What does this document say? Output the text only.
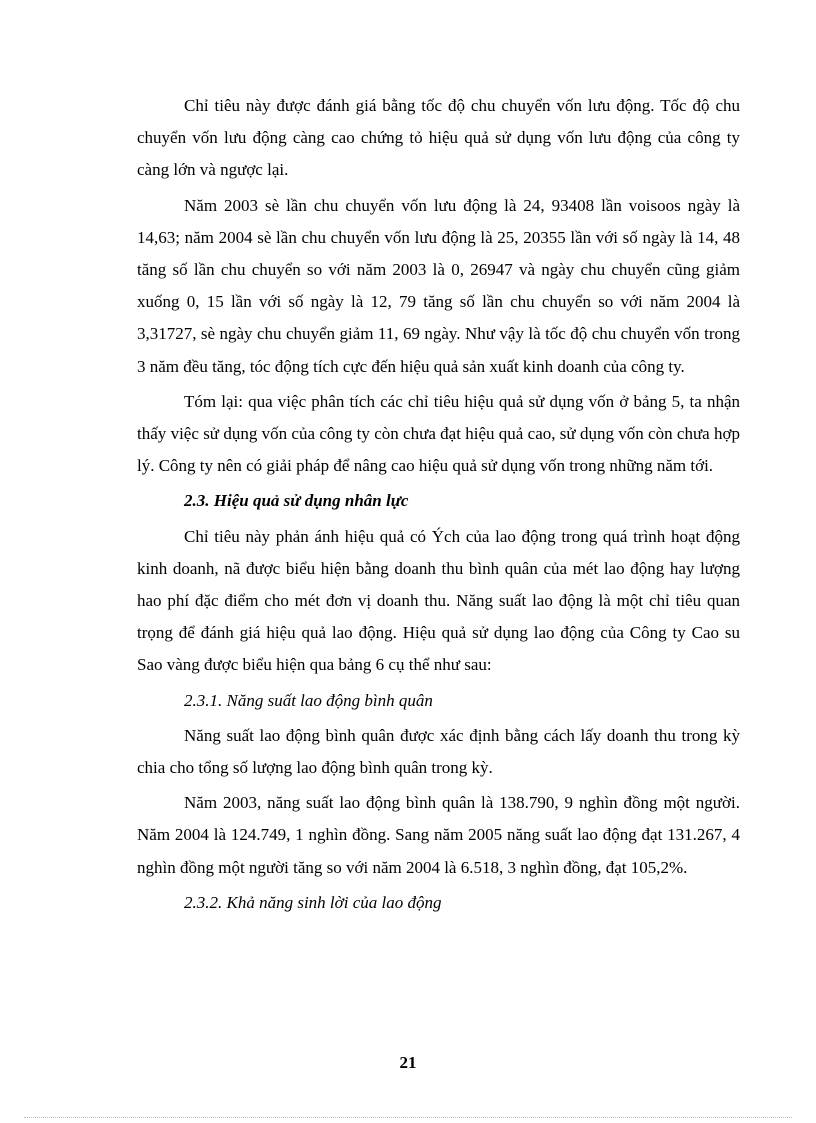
Chỉ tiêu này được đánh giá bằng tốc độ chu chuyển vốn lưu động. Tốc độ chu chuyển vốn lưu động càng cao chứng tỏ hiệu quả sử dụng vốn lưu động của công ty càng lớn và ngược lại.

Năm 2003 sè lần chu chuyển vốn lưu động là 24, 93408 lần voisoos ngày là 14,63; năm 2004 sè lần chu chuyển vốn lưu động là 25, 20355 lần với số ngày là 14, 48 tăng số lần chu chuyển so với năm 2003 là 0, 26947 và ngày chu chuyển cũng giảm xuống 0, 15 lần với số ngày là 12, 79 tăng số lần chu chuyển so với năm 2004 là 3,31727, sè ngày chu chuyển giảm 11, 69 ngày. Như vậy là tốc độ chu chuyển vốn trong 3 năm đều tăng, tóc động tích cực đến hiệu quả sản xuất kinh doanh của công ty.

Tóm lại: qua việc phân tích các chỉ tiêu hiệu quả sử dụng vốn ở bảng 5, ta nhận thấy việc sử dụng vốn của công ty còn chưa đạt hiệu quả cao, sử dụng vốn còn chưa hợp lý. Công ty nên có giải pháp để nâng cao hiệu quả sử dụng vốn trong những năm tới.

2.3. Hiệu quả sử dụng nhân lực

Chỉ tiêu này phản ánh hiệu quả có Ých của lao động trong quá trình hoạt động kinh doanh, nã được biểu hiện bằng doanh thu bình quân của mét lao động hay lượng hao phí đặc điểm cho mét đơn vị doanh thu. Năng suất lao động là một chỉ tiêu quan trọng để đánh giá hiệu quả lao động. Hiệu quả sử dụng lao động của Công ty Cao su Sao vàng được biểu hiện qua bảng 6 cụ thể như sau:

2.3.1. Năng suất lao động bình quân

Năng suất lao động bình quân được xác định bằng cách lấy doanh thu trong kỳ chia cho tổng số lượng lao động bình quân trong kỳ.

Năm 2003, năng suất lao động bình quân là 138.790, 9 nghìn đồng một người. Năm 2004 là 124.749, 1 nghìn đồng. Sang năm 2005 năng suất lao động đạt 131.267, 4 nghìn đồng một người tăng so với năm 2004 là 6.518, 3 nghìn đồng, đạt 105,2%.

2.3.2. Khả năng sinh lời của lao động

21
